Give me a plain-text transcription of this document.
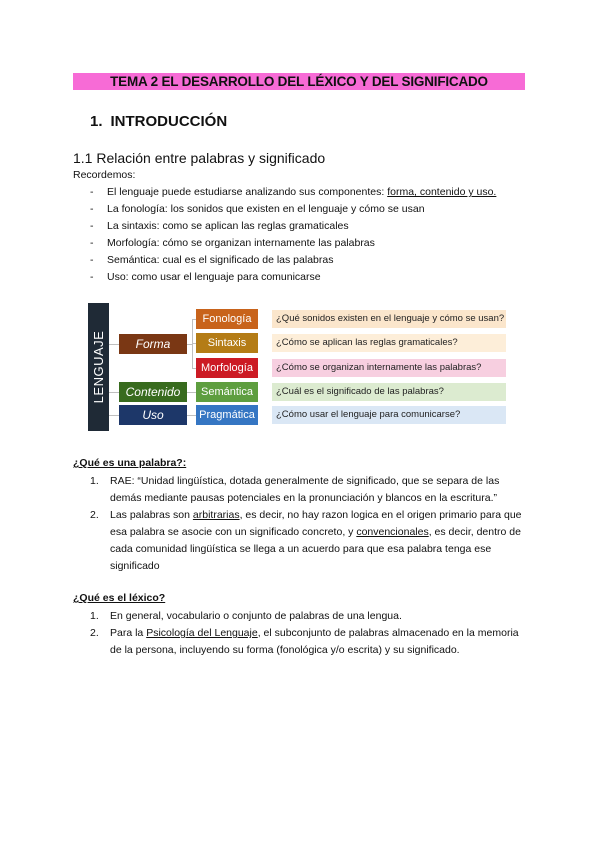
TEMA 2 EL DESARROLLO DEL LÉXICO Y DEL SIGNIFICADO
1. INTRODUCCIÓN
1.1 Relación entre palabras y significado
Recordemos:
- El lenguaje puede estudiarse analizando sus componentes: forma, contenido y uso.
- La fonología: los sonidos que existen en el lenguaje y cómo se usan
- La sintaxis: como se aplican las reglas gramaticales
- Morfología: cómo se organizan internamente las palabras
- Semántica: cual es el significado de las palabras
- Uso: como usar el lenguaje para comunicarse
LENGUAJE	Forma
Contenido
Uso
Fonología
Sintaxis
Morfología
Semántica
Pragmática
¿Qué sonidos existen en el lenguaje y cómo se usan?
¿Cómo se aplican las reglas gramaticales?
¿Cómo se organizan internamente las palabras?
¿Cuál es el significado de las palabras?
¿Cómo usar el lenguaje para comunicarse?
¿Qué es una palabra?:
1. RAE: “Unidad lingüística, dotada generalmente de significado, que se separa de las demás mediante pausas potenciales en la pronunciación y blancos en la escritura.”
2. Las palabras son arbitrarias, es decir, no hay razon logica en el origen primario para que esa palabra se asocie con un significado concreto, y convencionales, es decir, dentro de cada comunidad lingüística se llega a un acuerdo para que esa palabra tenga ese significado
¿Qué es el léxico?
1. En general, vocabulario o conjunto de palabras de una lengua.
2. Para la Psicología del Lenguaje, el subconjunto de palabras almacenado en la memoria de la persona, incluyendo su forma (fonológica y/o escrita) y su significado.
